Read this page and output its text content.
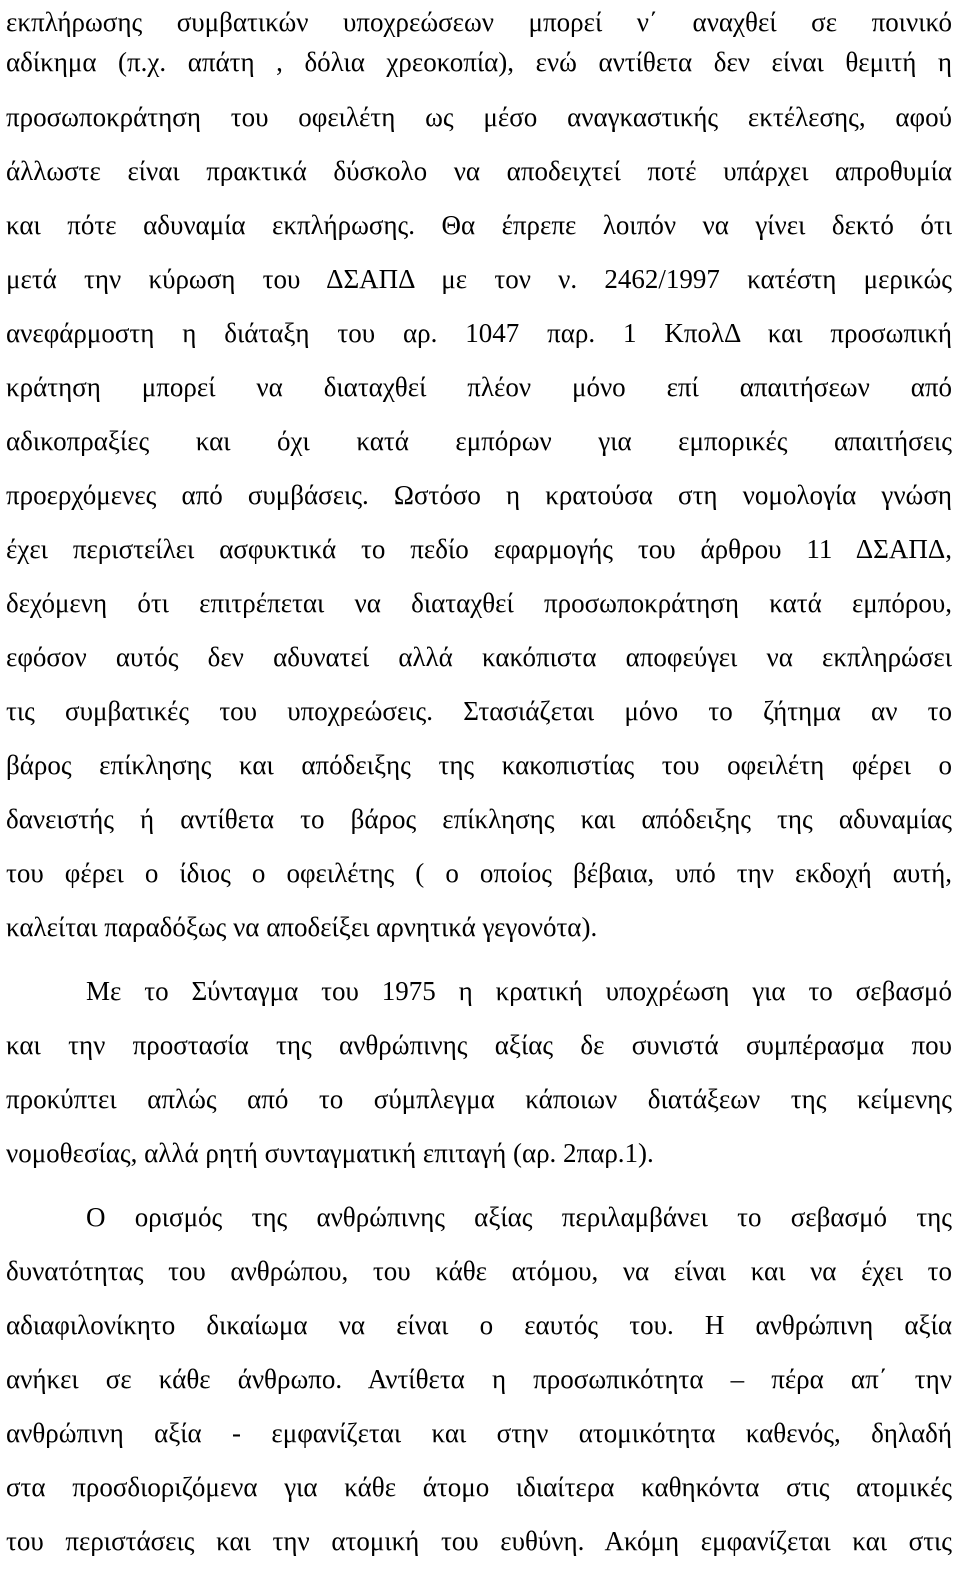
εκπλήρωσης συμβατικών υποχρεώσεων μπορεί ν΄ αναχθεί σε ποινικό
αδίκημα (π.χ. απάτη , δόλια χρεοκοπία), ενώ αντίθετα δεν είναι θεμιτή η
προσωποκράτηση του οφειλέτη ως μέσο αναγκαστικής εκτέλεσης, αφού
άλλωστε είναι πρακτικά δύσκολο να αποδειχτεί ποτέ υπάρχει απροθυμία
και πότε αδυναμία εκπλήρωσης. Θα έπρεπε λοιπόν να γίνει δεκτό ότι
μετά την κύρωση του ΔΣΑΠΔ με τον ν. 2462/1997 κατέστη μερικώς
ανεφάρμοστη η διάταξη του αρ. 1047 παρ. 1 ΚπολΔ και προσωπική
κράτηση μπορεί να διαταχθεί πλέον μόνο επί απαιτήσεων από
αδικοπραξίες και όχι κατά εμπόρων για εμπορικές απαιτήσεις
προερχόμενες από συμβάσεις. Ωστόσο η κρατούσα στη νομολογία γνώση
έχει περιστείλει ασφυκτικά το πεδίο εφαρμογής του άρθρου 11 ΔΣΑΠΔ,
δεχόμενη ότι επιτρέπεται να διαταχθεί προσωποκράτηση κατά εμπόρου,
εφόσον αυτός δεν αδυνατεί αλλά κακόπιστα αποφεύγει να εκπληρώσει
τις συμβατικές του υποχρεώσεις. Στασιάζεται μόνο το ζήτημα αν το
βάρος επίκλησης και απόδειξης της κακοπιστίας του οφειλέτη φέρει ο
δανειστής ή αντίθετα το βάρος επίκλησης και απόδειξης της αδυναμίας
του φέρει ο ίδιος ο οφειλέτης ( ο οποίος βέβαια, υπό την εκδοχή αυτή,
καλείται παραδόξως να αποδείξει αρνητικά γεγονότα).
Με το Σύνταγμα του 1975 η κρατική υποχρέωση για το σεβασμό
και την προστασία της ανθρώπινης αξίας δε συνιστά συμπέρασμα που
προκύπτει απλώς από το σύμπλεγμα κάποιων διατάξεων της κείμενης
νομοθεσίας, αλλά ρητή συνταγματική επιταγή (αρ. 2παρ.1).
Ο ορισμός της ανθρώπινης αξίας περιλαμβάνει το σεβασμό της
δυνατότητας του ανθρώπου, του κάθε ατόμου, να είναι και να έχει το
αδιαφιλονίκητο δικαίωμα να είναι ο εαυτός του. Η ανθρώπινη αξία
ανήκει σε κάθε άνθρωπο. Αντίθετα η προσωπικότητα – πέρα απ΄ την
ανθρώπινη αξία - εμφανίζεται και στην ατομικότητα καθενός, δηλαδή
στα προσδιοριζόμενα για κάθε άτομο ιδιαίτερα καθηκόντα στις ατομικές
του περιστάσεις και την ατομική του ευθύνη. Ακόμη εμφανίζεται και στις
